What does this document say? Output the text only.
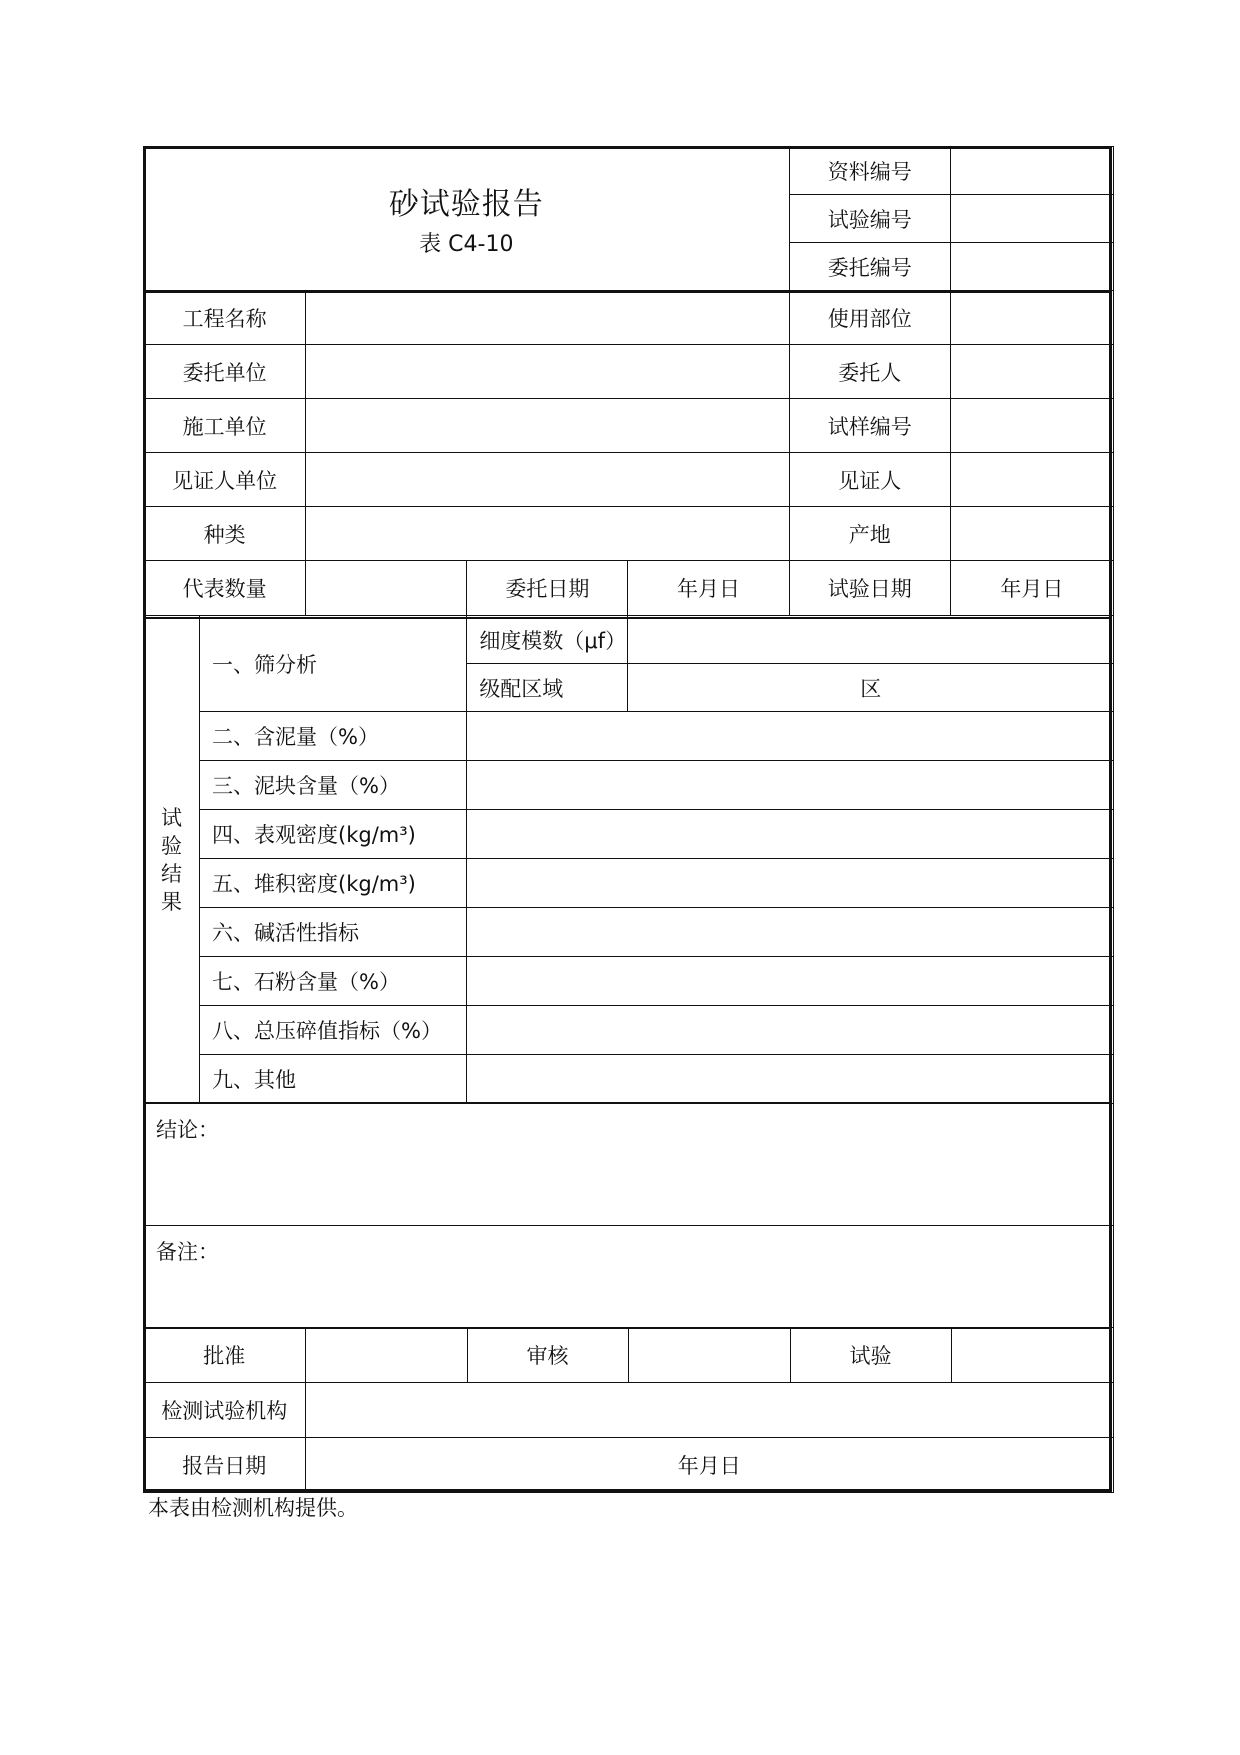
砂试验报告
表 C4-10
	资料编号	
试验编号	
委托编号	
工程名称		使用部位	
委托单位		委托人	
施工单位		试样编号	
见证人单位		见证人	
种类		产地	
代表数量		委托日期	年月日	试验日期	年月日

试
验
结
果
	一、筛分析	细度模数（μf）	
级配区域	区
二、含泥量（%）	
三、泥块含量（%）	
四、表观密度(kg/m³)	
五、堆积密度(kg/m³)	
六、碱活性指标	
七、石粉含量（%）	
八、总压碎值指标（%）	
九、其他	
结论：
备注：

批准		审核		试验	

检测试验机构	

报告日期	年月日
本表由检测机构提供。
